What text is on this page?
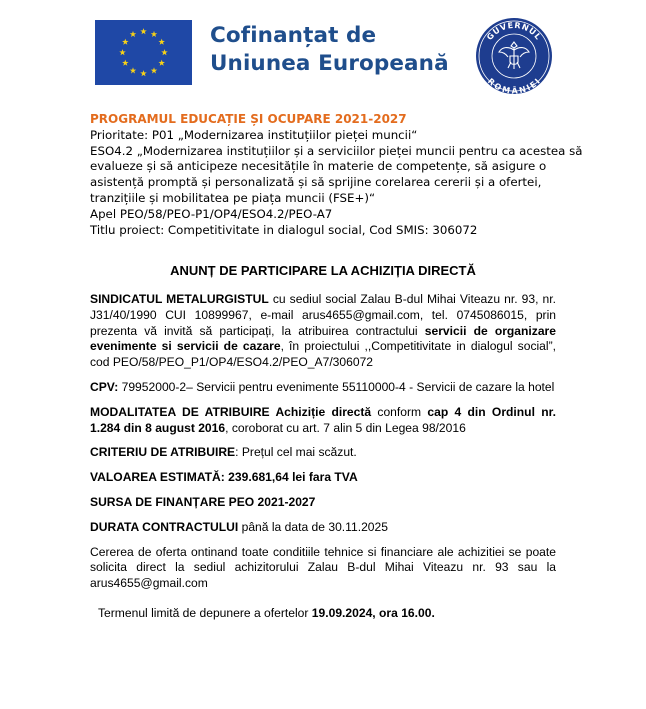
Cofinanțat de
Uniunea Europeană
GUVERNUL
ROMÂNIEI

PROGRAMUL EDUCAȚIE ȘI OCUPARE 2021-2027

Prioritate: P01 „Modernizarea instituțiilor pieței muncii“

ESO4.2 „Modernizarea instituțiilor și a serviciilor pieței muncii pentru ca acestea să evalueze și să anticipeze necesitățile în materie de competențe, să asigure o asistență promptă și personalizată și să sprijine corelarea cererii și a ofertei, tranzițiile și mobilitatea pe piața muncii (FSE+)“

Apel PEO/58/PEO-P1/OP4/ESO4.2/PEO-A7

Titlu proiect: Competitivitate in dialogul social, Cod SMIS: 306072

ANUNȚ DE PARTICIPARE LA ACHIZIȚIA DIRECTĂ

SINDICATUL METALURGISTUL cu sediul social Zalau B-dul Mihai Viteazu nr. 93, nr. J31/40/1990 CUI 10899967, e-mail arus4655@gmail.com, tel. 0745086015, prin prezenta vă invită să participați, la atribuirea contractului servicii de organizare evenimente si servicii de cazare, în proiectului ,,Competitivitate in dialogul social”, cod PEO/58/PEO_P1/OP4/ESO4.2/PEO_A7/306072

CPV: 79952000-2– Servicii pentru evenimente 55110000-4 - Servicii de cazare la hotel

MODALITATEA DE ATRIBUIRE Achiziție directă conform cap 4 din Ordinul nr. 1.284 din 8 august 2016, coroborat cu art. 7 alin 5 din Legea 98/2016

CRITERIU DE ATRIBUIRE: Prețul cel mai scăzut.

VALOAREA ESTIMATĂ: 239.681,64 lei fara TVA

SURSA DE FINANȚARE PEO 2021-2027

DURATA CONTRACTULUI până la data de 30.11.2025

Cererea de oferta ontinand toate conditiile tehnice si financiare ale achizitiei se poate solicita direct la sediul achizitorului Zalau B-dul Mihai Viteazu nr. 93 sau la arus4655@gmail.com

Termenul limită de depunere a ofertelor 19.09.2024, ora 16.00.
